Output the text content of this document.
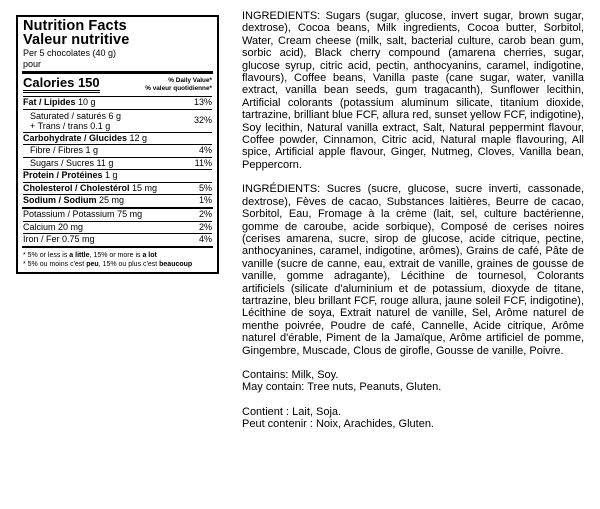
Nutrition Facts
Valeur nutritive
Per 5 chocolates (40 g)
pour
Calories 150	% Daily Value*
% valeur quotidienne*
Fat / Lipides 10 g	13%
Saturated / saturés 6 g
+ Trans / trans 0.1 g
32%
Carbohydrate / Glucides 12 g
Fibre / Fibres 1 g	4%
Sugars / Sucres 11 g	11%
Protein / Protéines 1 g
Cholesterol / Cholestérol 15 mg	5%
Sodium / Sodium 25 mg	1%
Potassium / Potassium 75 mg	2%
Calcium 20 mg	2%
Iron / Fer 0.75 mg	4%
* 5% or less is a little, 15% or more is a lot
* 5% ou moins c'est peu, 15% ou plus c'est beaucoup

INGREDIENTS: Sugars (sugar, glucose, invert sugar, brown sugar, dextrose), Cocoa beans, Milk ingredients, Cocoa butter, Sorbitol, Water, Cream cheese (milk, salt, bacterial culture, carob bean gum, sorbic acid), Black cherry compound (amarena cherries, sugar, glucose syrup, citric acid, pectin, anthocyanins, caramel, indigotine, flavours), Coffee beans, Vanilla paste (cane sugar, water, vanilla extract, vanilla bean seeds, gum tragacanth), Sunflower lecithin, Artificial colorants (potassium aluminum silicate, titanium dioxide, tartrazine, brilliant blue FCF, allura red, sunset yellow FCF, indigotine), Soy lecithin, Natural vanilla extract, Salt, Natural peppermint flavour, Coffee powder, Cinnamon, Citric acid, Natural maple flavouring, All spice, Artificial apple flavour, Ginger, Nutmeg, Cloves, Vanilla bean, Peppercorn.

INGRÉDIENTS: Sucres (sucre, glucose, sucre inverti, cassonade, dextrose), Fèves de cacao, Substances laitières, Beurre de cacao, Sorbitol, Eau, Fromage à la crème (lait, sel, culture bactérienne, gomme de caroube, acide sorbique), Composé de cerises noires (cerises amarena, sucre, sirop de glucose, acide citrique, pectine, anthocyanines, caramel, indigotine, arômes), Grains de café, Pâte de vanille (sucre de canne, eau, extrait de vanille, graines de gousse de vanille, gomme adragante), Lécithine de tournesol, Colorants artificiels (silicate d'aluminium et de potassium, dioxyde de titane, tartrazine, bleu brillant FCF, rouge allura, jaune soleil FCF, indigotine), Lécithine de soya, Extrait naturel de vanille, Sel, Arôme naturel de menthe poivrée, Poudre de café, Cannelle, Acide citrique, Arôme naturel d'érable, Piment de la Jamaïque, Arôme artificiel de pomme, Gingembre, Muscade, Clous de girofle, Gousse de vanille, Poivre.

Contains: Milk, Soy.
May contain: Tree nuts, Peanuts, Gluten.

Contient : Lait, Soja.
Peut contenir : Noix, Arachides, Gluten.
